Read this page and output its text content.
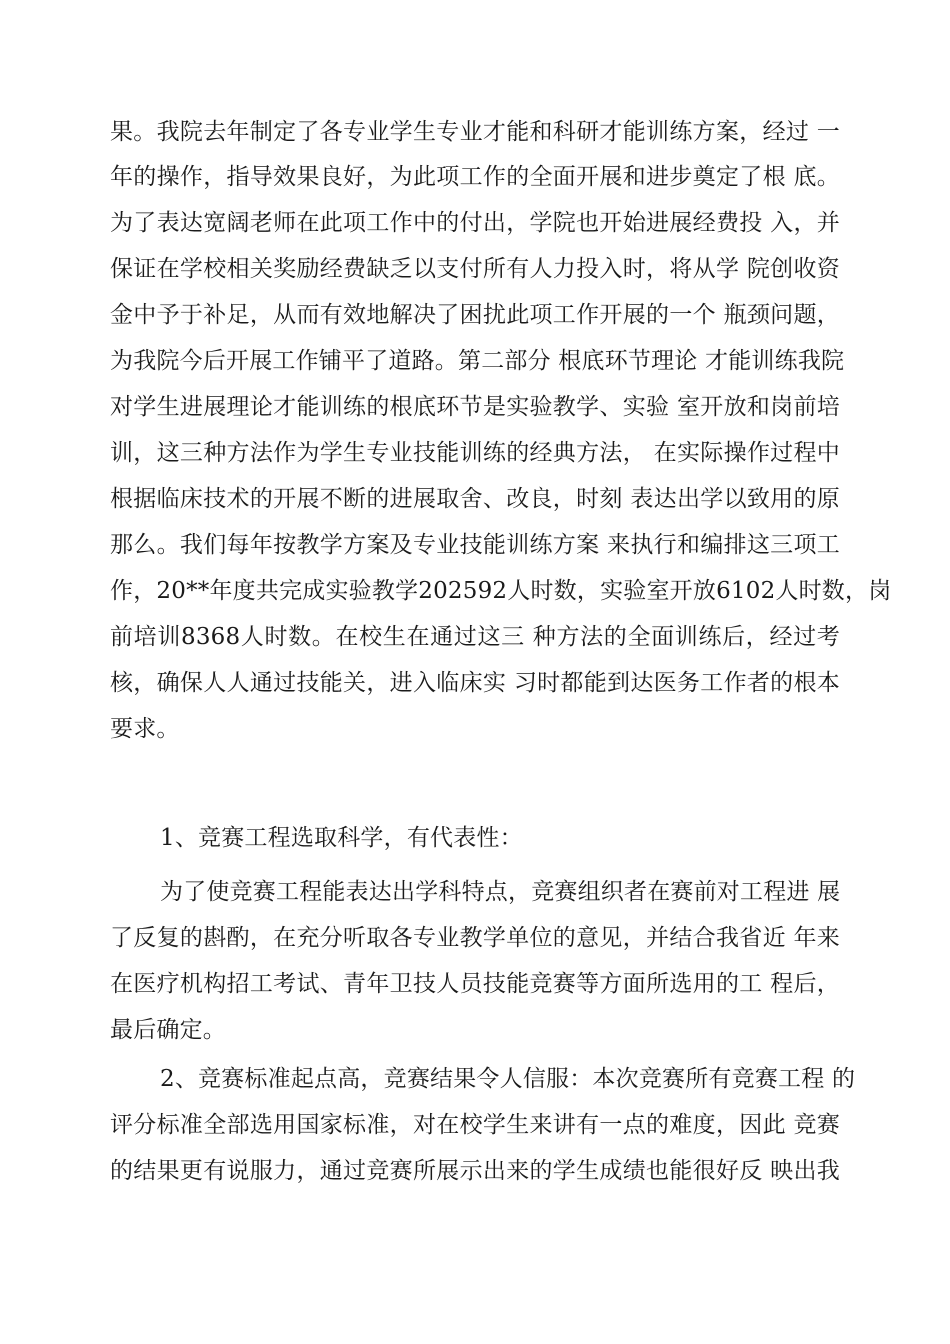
果。我院去年制定了各专业学生专业才能和科研才能训练方案，经过 一
年的操作，指导效果良好，为此项工作的全面开展和进步奠定了根 底。
为了表达宽阔老师在此项工作中的付出，学院也开始进展经费投 入，并
保证在学校相关奖励经费缺乏以支付所有人力投入时，将从学 院创收资
金中予于补足，从而有效地解决了困扰此项工作开展的一个 瓶颈问题，
为我院今后开展工作铺平了道路。第二部分 根底环节理论 才能训练我院
对学生进展理论才能训练的根底环节是实验教学、实验 室开放和岗前培
训，这三种方法作为学生专业技能训练的经典方法， 在实际操作过程中
根据临床技术的开展不断的进展取舍、改良，时刻 表达出学以致用的原
那么。我们每年按教学方案及专业技能训练方案 来执行和编排这三项工
作，20**年度共完成实验教学202592人时数，实验室开放6102人时数，岗
前培训8368人时数。在校生在通过这三 种方法的全面训练后，经过考
核，确保人人通过技能关，进入临床实 习时都能到达医务工作者的根本
要求。
1、竞赛工程选取科学，有代表性：
为了使竞赛工程能表达出学科特点，竞赛组织者在赛前对工程进 展
了反复的斟酌，在充分听取各专业教学单位的意见，并结合我省近 年来
在医疗机构招工考试、青年卫技人员技能竞赛等方面所选用的工 程后，
最后确定。
2、竞赛标准起点高，竞赛结果令人信服：本次竞赛所有竞赛工程 的
评分标准全部选用国家标准，对在校学生来讲有一点的难度，因此 竞赛
的结果更有说服力，通过竞赛所展示出来的学生成绩也能很好反 映出我
